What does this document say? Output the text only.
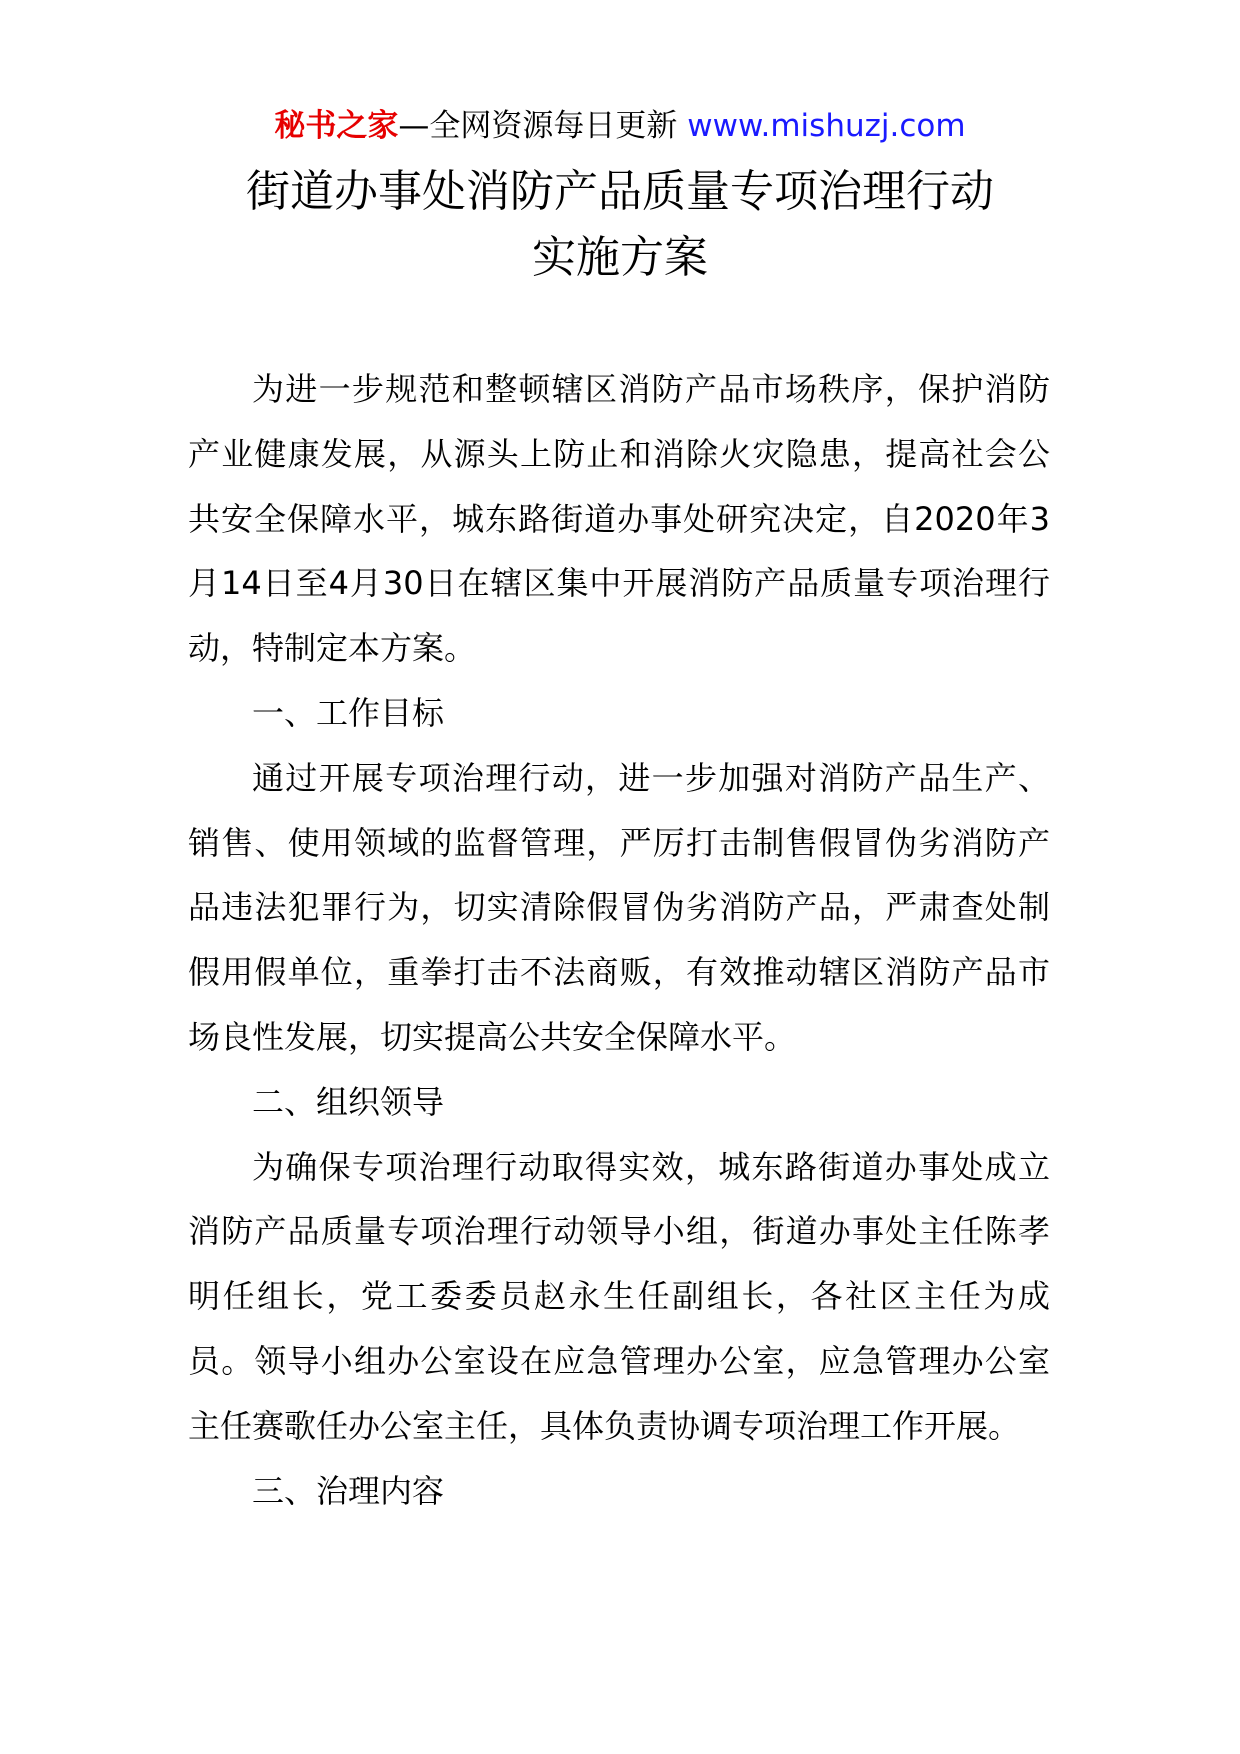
秘书之家—全网资源每日更新 www.mishuzj.com
街道办事处消防产品质量专项治理行动
实施方案

为进一步规范和整顿辖区消防产品市场秩序，保护消防产业健康发展，从源头上防止和消除火灾隐患，提高社会公共安全保障水平，城东路街道办事处研究决定，自2020年3月14日至4月30日在辖区集中开展消防产品质量专项治理行动，特制定本方案。

一、工作目标

通过开展专项治理行动，进一步加强对消防产品生产、销售、使用领域的监督管理，严厉打击制售假冒伪劣消防产品违法犯罪行为，切实清除假冒伪劣消防产品，严肃查处制假用假单位，重拳打击不法商贩，有效推动辖区消防产品市场良性发展，切实提高公共安全保障水平。

二、组织领导

为确保专项治理行动取得实效，城东路街道办事处成立消防产品质量专项治理行动领导小组，街道办事处主任陈孝明任组长，党工委委员赵永生任副组长，各社区主任为成员。领导小组办公室设在应急管理办公室，应急管理办公室主任赛歌任办公室主任，具体负责协调专项治理工作开展。

三、治理内容
